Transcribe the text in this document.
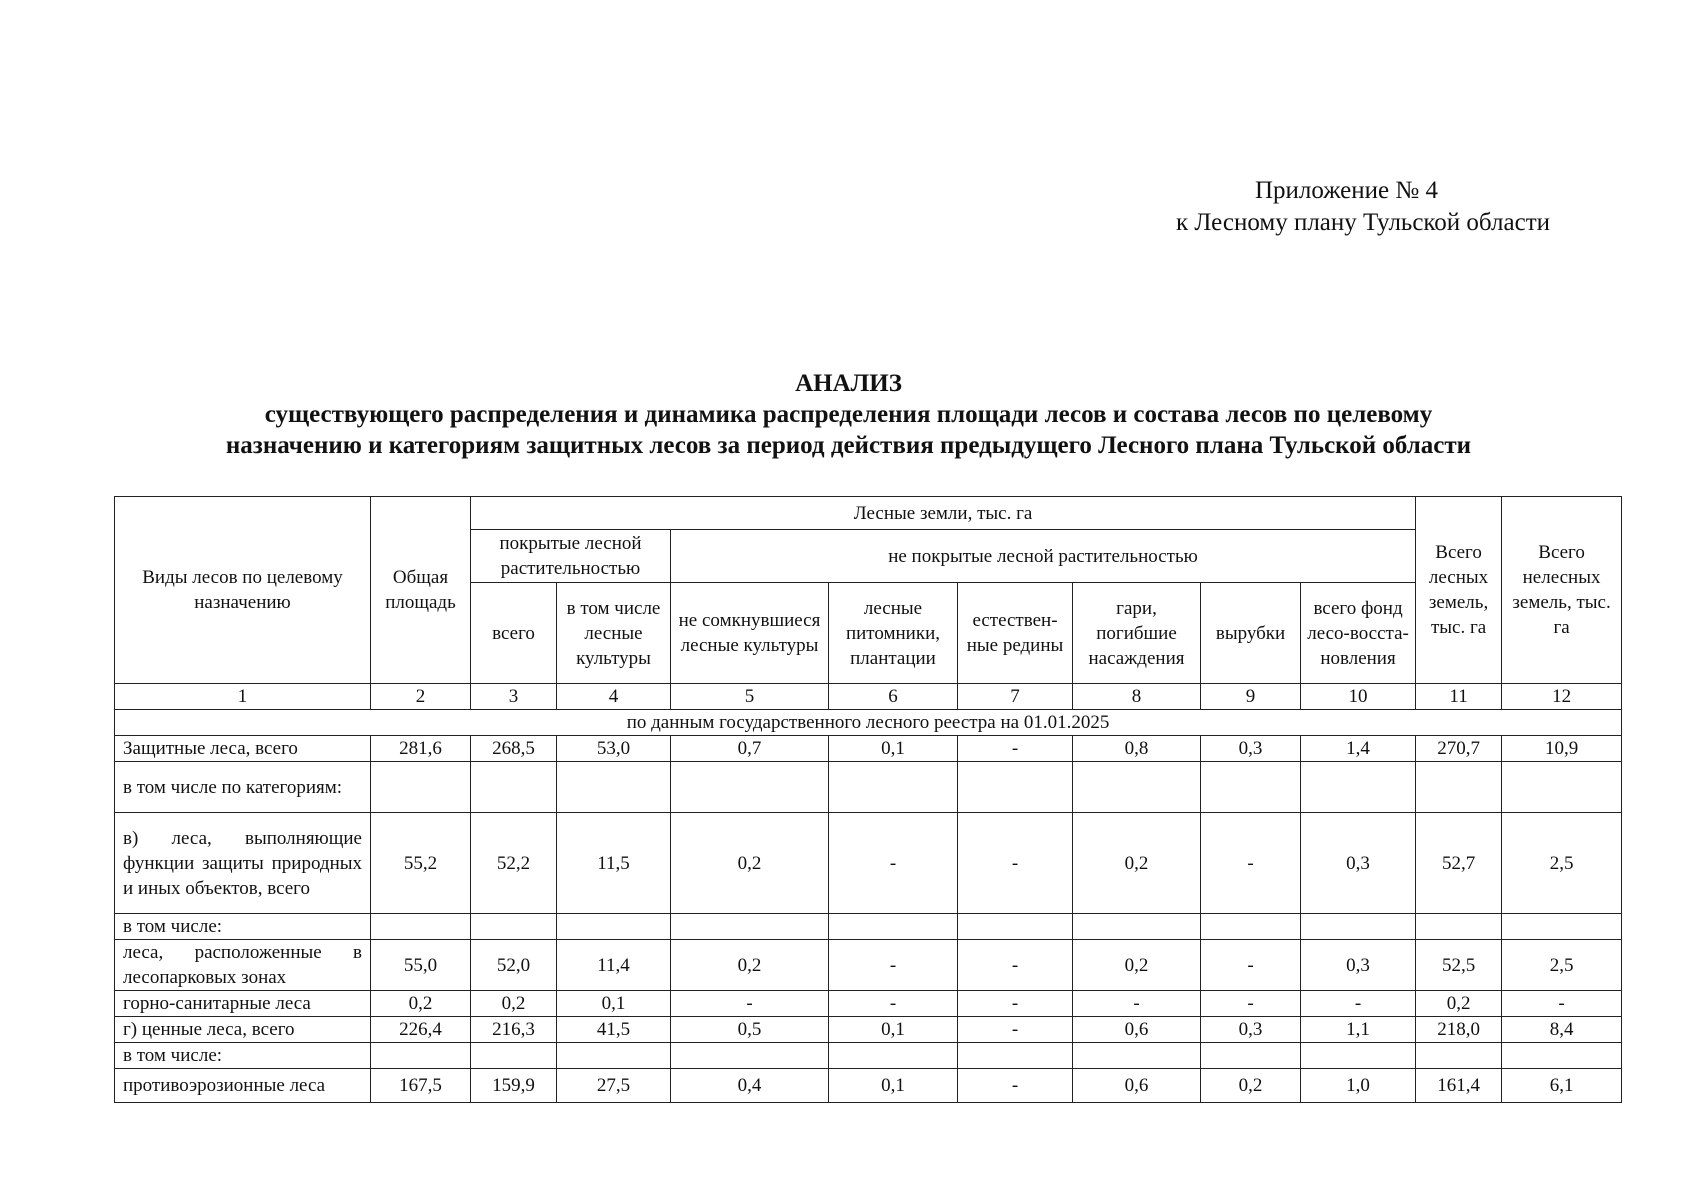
Приложение № 4
к Лесному плану Тульской области
АНАЛИЗ
существующего распределения и динамика распределения площади лесов и состава лесов по целевому
назначению и категориям защитных лесов за период действия предыдущего Лесного плана Тульской области
Виды лесов по целевому назначению	Общая площадь	Лесные земли, тыс. га								Всего лесных земель, тыс. га	Всего нелесных земель, тыс. га
		покрытые лесной растительностью		не покрытые лесной растительностью							
		всего	в том числе лесные культуры	не сомкнувшиеся лесные культуры	лесные питомники, плантации	естествен-ные редины	гари, погибшие насаждения	вырубки	всего фонд лесо-восста-новления		
1	2	3	4	5	6	7	8	9	10	11	12
по данным государственного лесного реестра на 01.01.2025											
Защитные леса, всего	281,6	268,5	53,0	0,7	0,1	-	0,8	0,3	1,4	270,7	10,9
в том числе по категориям:											
в) леса, выполняющие функции защиты природных и иных объектов, всего	55,2	52,2	11,5	0,2	-	-	0,2	-	0,3	52,7	2,5
в том числе:											
леса, расположенные в лесопарковых зонах	55,0	52,0	11,4	0,2	-	-	0,2	-	0,3	52,5	2,5
горно-санитарные леса	0,2	0,2	0,1	-	-	-	-	-	-	0,2	-
г) ценные леса, всего	226,4	216,3	41,5	0,5	0,1	-	0,6	0,3	1,1	218,0	8,4
в том числе:											
противоэрозионные леса	167,5	159,9	27,5	0,4	0,1	-	0,6	0,2	1,0	161,4	6,1
